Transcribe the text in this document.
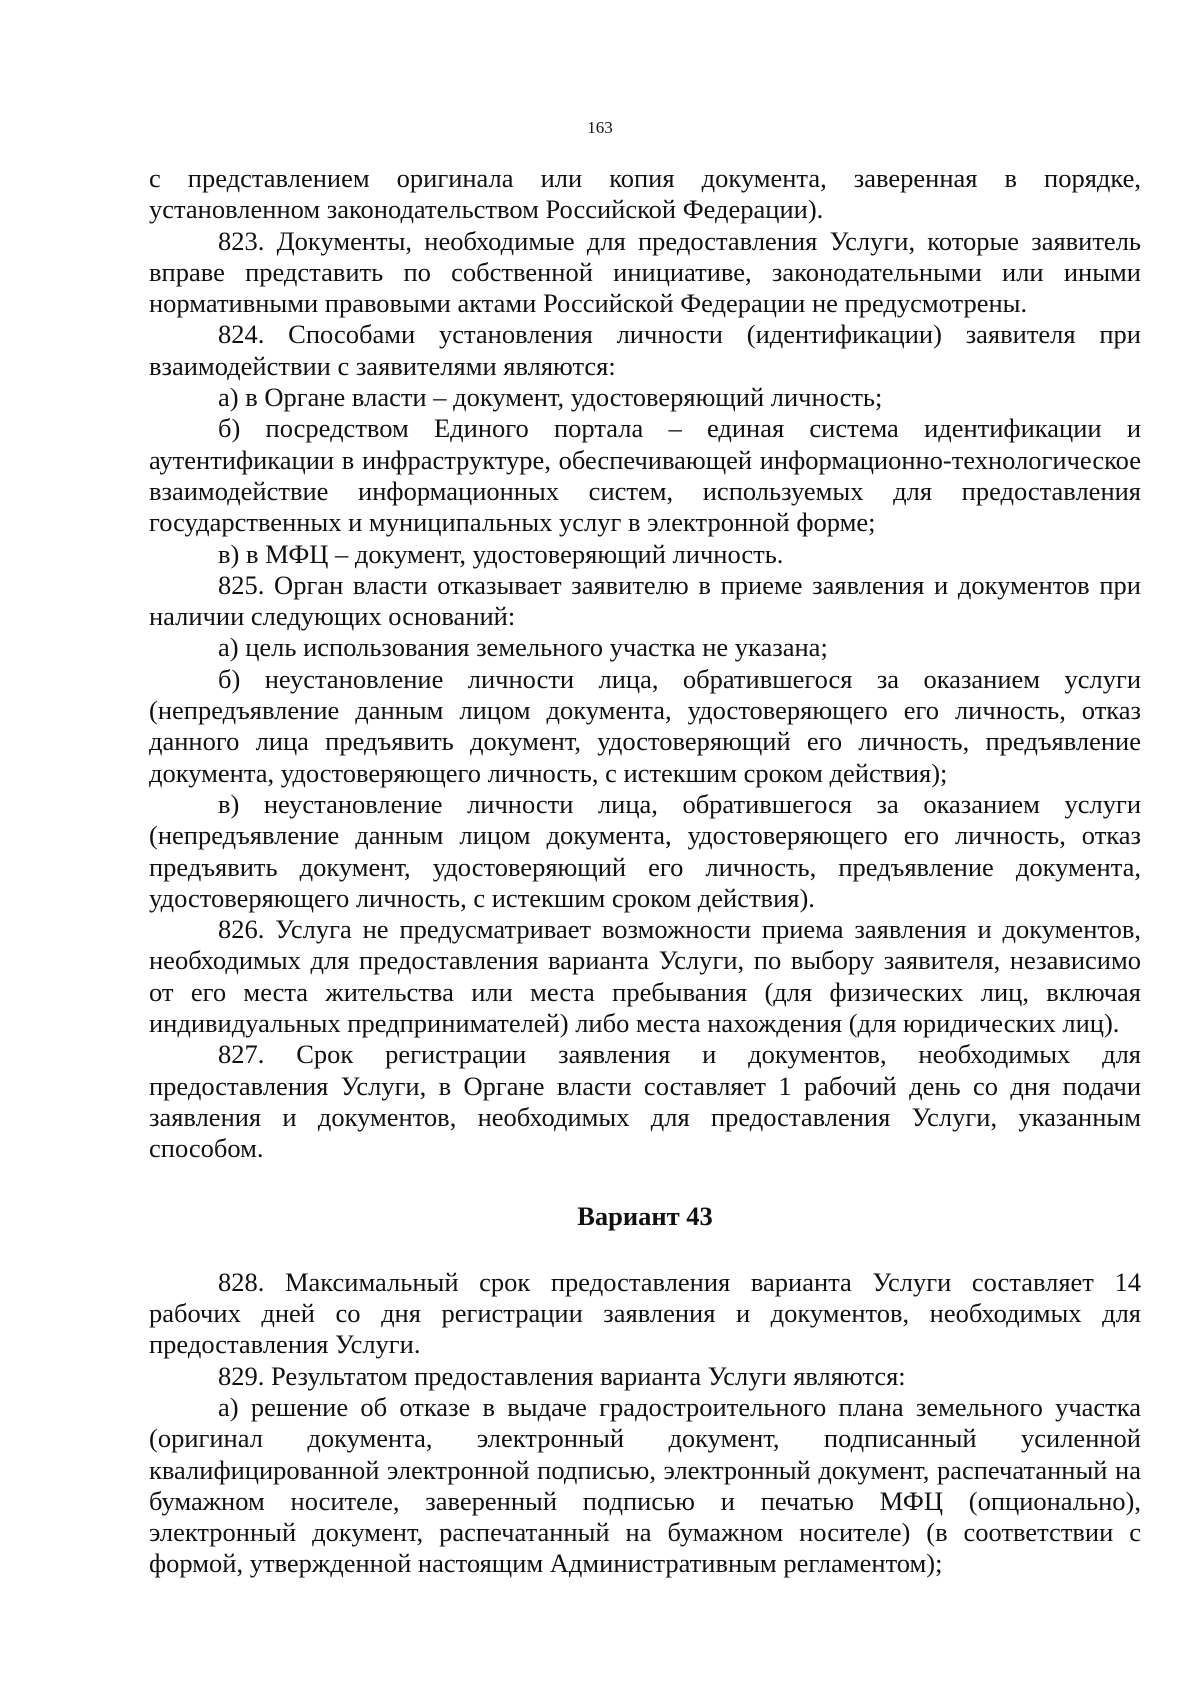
163

с представлением оригинала или копия документа, заверенная в порядке, установленном законодательством Российской Федерации).

823. Документы, необходимые для предоставления Услуги, которые заявитель вправе представить по собственной инициативе, законодательными или иными нормативными правовыми актами Российской Федерации не предусмотрены.

824. Способами установления личности (идентификации) заявителя при взаимодействии с заявителями являются:

а) в Органе власти – документ, удостоверяющий личность;

б) посредством Единого портала – единая система идентификации и аутентификации в инфраструктуре, обеспечивающей информационно-технологическое взаимодействие информационных систем, используемых для предоставления государственных и муниципальных услуг в электронной форме;

в) в МФЦ – документ, удостоверяющий личность.

825. Орган власти отказывает заявителю в приеме заявления и документов при наличии следующих оснований:

а) цель использования земельного участка не указана;

б) неустановление личности лица, обратившегося за оказанием услуги (непредъявление данным лицом документа, удостоверяющего его личность, отказ данного лица предъявить документ, удостоверяющий его личность, предъявление документа, удостоверяющего личность, с истекшим сроком действия);

в) неустановление личности лица, обратившегося за оказанием услуги (непредъявление данным лицом документа, удостоверяющего его личность, отказ предъявить документ, удостоверяющий его личность, предъявление документа, удостоверяющего личность, с истекшим сроком действия).

826. Услуга не предусматривает возможности приема заявления и документов, необходимых для предоставления варианта Услуги, по выбору заявителя, независимо от его места жительства или места пребывания (для физических лиц, включая индивидуальных предпринимателей) либо места нахождения (для юридических лиц).

827. Срок регистрации заявления и документов, необходимых для предоставления Услуги, в Органе власти составляет 1 рабочий день со дня подачи заявления и документов, необходимых для предоставления Услуги, указанным способом.

Вариант 43

828. Максимальный срок предоставления варианта Услуги составляет 14 рабочих дней со дня регистрации заявления и документов, необходимых для предоставления Услуги.

829. Результатом предоставления варианта Услуги являются:

а) решение об отказе в выдаче градостроительного плана земельного участка (оригинал документа, электронный документ, подписанный усиленной квалифицированной электронной подписью, электронный документ, распечатанный на бумажном носителе, заверенный подписью и печатью МФЦ (опционально), электронный документ, распечатанный на бумажном носителе) (в соответствии с формой, утвержденной настоящим Административным регламентом);
